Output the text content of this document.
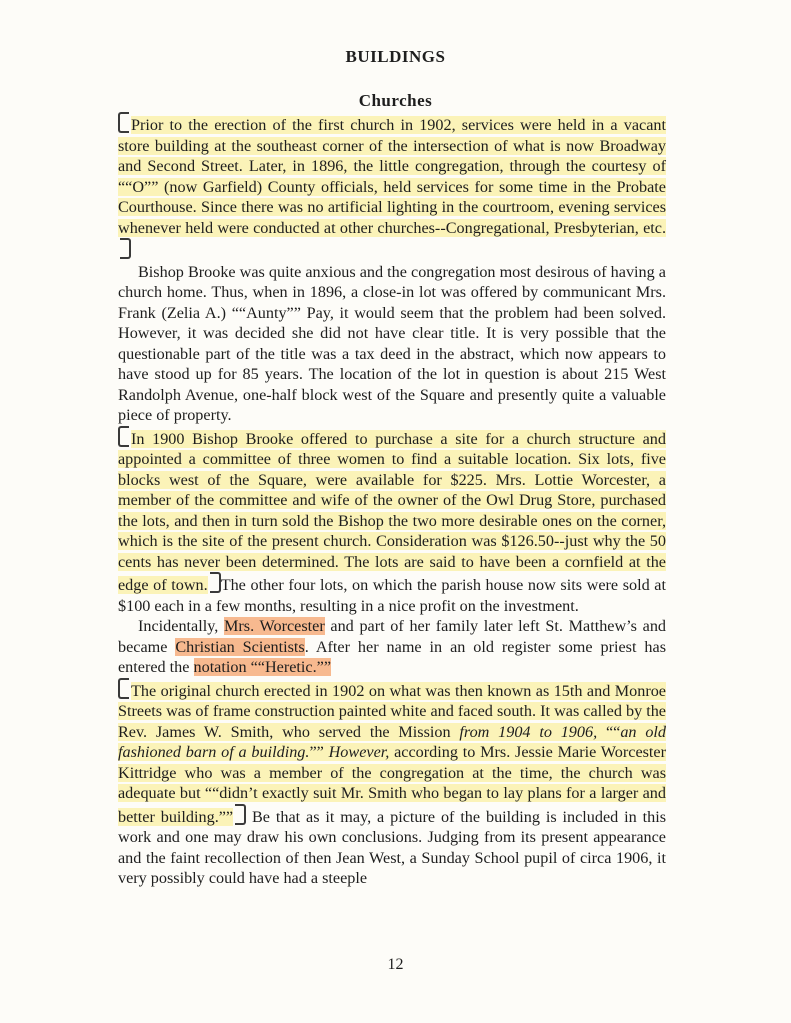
BUILDINGS
Churches

Prior to the erection of the first church in 1902, services were held in a vacant store building at the southeast corner of the intersection of what is now Broadway and Second Street. Later, in 1896, the little congregation, through the courtesy of ““O”” (now Garfield) County officials, held services for some time in the Probate Courthouse. Since there was no artificial lighting in the courtroom, evening services whenever held were conducted at other churches--Congregational, Presbyterian, etc.

Bishop Brooke was quite anxious and the congregation most desirous of having a church home. Thus, when in 1896, a close-in lot was offered by communicant Mrs. Frank (Zelia A.) ““Aunty”” Pay, it would seem that the problem had been solved. However, it was decided she did not have clear title. It is very possible that the questionable part of the title was a tax deed in the abstract, which now appears to have stood up for 85 years. The location of the lot in question is about 215 West Randolph Avenue, one-half block west of the Square and presently quite a valuable piece of property.

In 1900 Bishop Brooke offered to purchase a site for a church structure and appointed a committee of three women to find a suitable location. Six lots, five blocks west of the Square, were available for $225. Mrs. Lottie Worcester, a member of the committee and wife of the owner of the Owl Drug Store, purchased the lots, and then in turn sold the Bishop the two more desirable ones on the corner, which is the site of the present church. Consideration was $126.50--just why the 50 cents has never been determined. The lots are said to have been a cornfield at the edge of town. The other four lots, on which the parish house now sits were sold at $100 each in a few months, resulting in a nice profit on the investment.

Incidentally, Mrs. Worcester and part of her family later left St. Matthew’s and became Christian Scientists. After her name in an old register some priest has entered the notation ““Heretic.””

The original church erected in 1902 on what was then known as 15th and Monroe Streets was of frame construction painted white and faced south. It was called by the Rev. James W. Smith, who served the Mission from 1904 to 1906, ““an old fashioned barn of a building.”” However, according to Mrs. Jessie Marie Worcester Kittridge who was a member of the congregation at the time, the church was adequate but ““didn’t exactly suit Mr. Smith who began to lay plans for a larger and better building.”” Be that as it may, a picture of the building is included in this work and one may draw his own conclusions. Judging from its present appearance and the faint recollection of then Jean West, a Sunday School pupil of circa 1906, it very possibly could have had a steeple

12
